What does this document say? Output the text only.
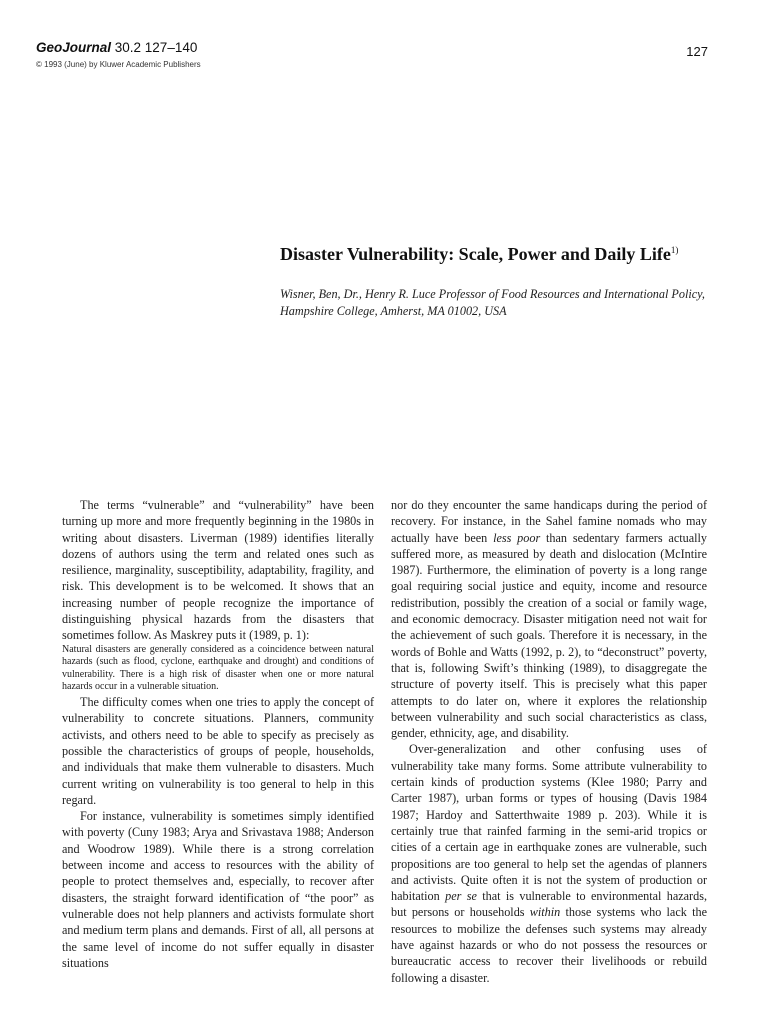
GeoJournal 30.2 127–140
© 1993 (June) by Kluwer Academic Publishers
127
Disaster Vulnerability: Scale, Power and Daily Life$^{1)}$
Wisner, Ben, Dr., Henry R. Luce Professor of Food Resources and International Policy, Hampshire College, Amherst, MA 01002, USA

The terms “vulnerable” and “vulnerability” have been turning up more and more frequently beginning in the 1980s in writing about disasters. Liverman (1989) identifies literally dozens of authors using the term and related ones such as resilience, marginality, susceptibility, adaptability, fragility, and risk. This development is to be welcomed. It shows that an increasing number of people recognize the importance of distinguishing physical hazards from the disasters that sometimes follow. As Maskrey puts it (1989, p. 1):

Natural disasters are generally considered as a coincidence between natural hazards (such as flood, cyclone, earthquake and drought) and conditions of vulnerability. There is a high risk of disaster when one or more natural hazards occur in a vulnerable situation.

The difficulty comes when one tries to apply the concept of vulnerability to concrete situations. Planners, community activists, and others need to be able to specify as precisely as possible the characteristics of groups of people, households, and individuals that make them vulnerable to disasters. Much current writing on vulnerability is too general to help in this regard.

For instance, vulnerability is sometimes simply identified with poverty (Cuny 1983; Arya and Srivastava 1988; Anderson and Woodrow 1989). While there is a strong correlation between income and access to resources with the ability of people to protect themselves and, especially, to recover after disasters, the straight forward identification of “the poor” as vulnerable does not help planners and activists formulate short and medium term plans and demands. First of all, all persons at the same level of income do not suffer equally in disaster situations

nor do they encounter the same handicaps during the period of recovery. For instance, in the Sahel famine nomads who may actually have been less poor than sedentary farmers actually suffered more, as measured by death and dislocation (McIntire 1987). Furthermore, the elimination of poverty is a long range goal requiring social justice and equity, income and resource redistribution, possibly the creation of a social or family wage, and economic democracy. Disaster mitigation need not wait for the achievement of such goals. Therefore it is necessary, in the words of Bohle and Watts (1992, p. 2), to “deconstruct” poverty, that is, following Swift’s thinking (1989), to disaggregate the structure of poverty itself. This is precisely what this paper attempts to do later on, where it explores the relationship between vulnerability and such social characteristics as class, gender, ethnicity, age, and disability.

Over-generalization and other confusing uses of vulnerability take many forms. Some attribute vulnerability to certain kinds of production systems (Klee 1980; Parry and Carter 1987), urban forms or types of housing (Davis 1984 1987; Hardoy and Satterthwaite 1989 p. 203). While it is certainly true that rainfed farming in the semi-arid tropics or cities of a certain age in earthquake zones are vulnerable, such propositions are too general to help set the agendas of planners and activists. Quite often it is not the system of production or habitation per se that is vulnerable to environmental hazards, but persons or households within those systems who lack the resources to mobilize the defenses such systems may already have against hazards or who do not possess the resources or bureaucratic access to recover their livelihoods or rebuild following a disaster.
